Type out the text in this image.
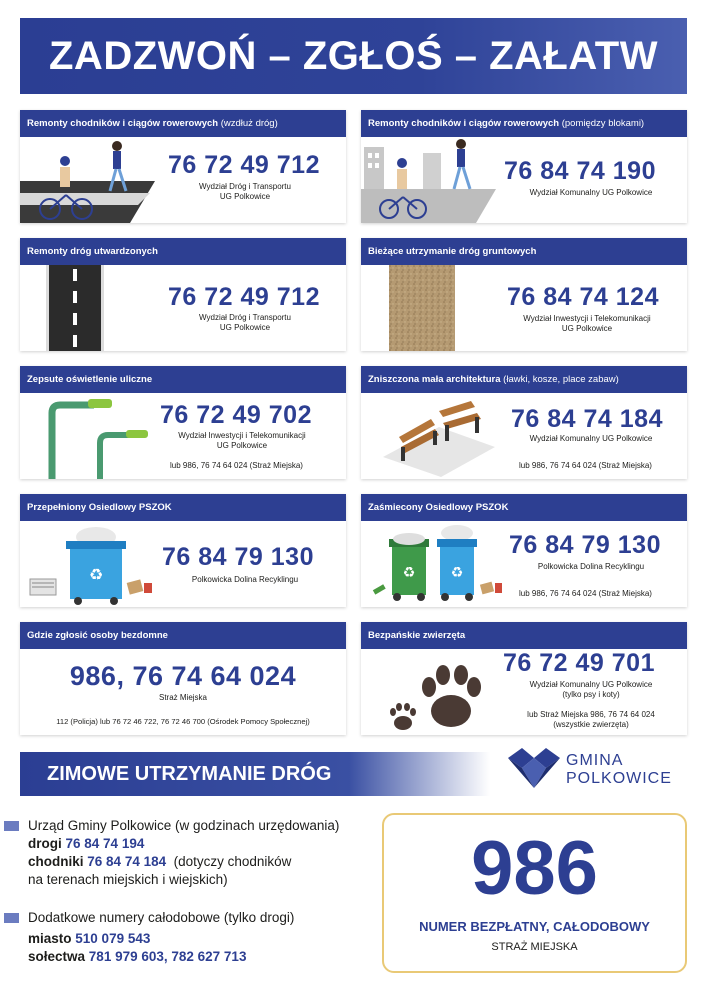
ZADZWOŃ – ZGŁOŚ – ZAŁATW
Remonty chodników i ciągów rowerowych (wzdłuż dróg)
76 72 49 712
Wydział Dróg i Transportu
UG Polkowice
Remonty chodników i ciągów rowerowych (pomiędzy blokami)
76 84 74 190
Wydział Komunalny UG Polkowice
Remonty dróg utwardzonych
76 72 49 712
Wydział Dróg i Transportu
UG Polkowice
Bieżące utrzymanie dróg gruntowych
76 84 74 124
Wydział Inwestycji i Telekomunikacji
UG Polkowice
Zepsute oświetlenie uliczne
76 72 49 702
Wydział Inwestycji i Telekomunikacji
UG Polkowice
lub 986, 76 74 64 024 (Straż Miejska)
Zniszczona mała architektura (ławki, kosze, place zabaw)
76 84 74 184
Wydział Komunalny UG Polkowice
lub 986, 76 74 64 024 (Straż Miejska)
Przepełniony Osiedlowy PSZOK
♻
76 84 79 130
Polkowicka Dolina Recyklingu
Zaśmiecony Osiedlowy PSZOK
♻	♻
76 84 79 130
Polkowicka Dolina Recyklingu
lub 986, 76 74 64 024 (Straż Miejska)
Gdzie zgłosić osoby bezdomne
986, 76 74 64 024
Straż Miejska
112 (Policja) lub 76 72 46 722, 76 72 46 700 (Ośrodek Pomocy Społecznej)
Bezpańskie zwierzęta
76 72 49 701
Wydział Komunalny UG Polkowice
(tylko psy i koty)
lub Straż Miejska 986, 76 74 64 024
(wszystkie zwierzęta)
ZIMOWE UTRZYMANIE DRÓG
GMINA
POLKOWICE
Urząd Gminy Polkowice (w godzinach urzędowania)
drogi 76 84 74 194
chodniki 76 84 74 184 (dotyczy chodników
na terenach miejskich i wiejskich)
Dodatkowe numery całodobowe (tylko drogi)
miasto 510 079 543
sołectwa 781 979 603, 782 627 713
986
NUMER BEZPŁATNY, CAŁODOBOWY
STRAŻ MIEJSKA
